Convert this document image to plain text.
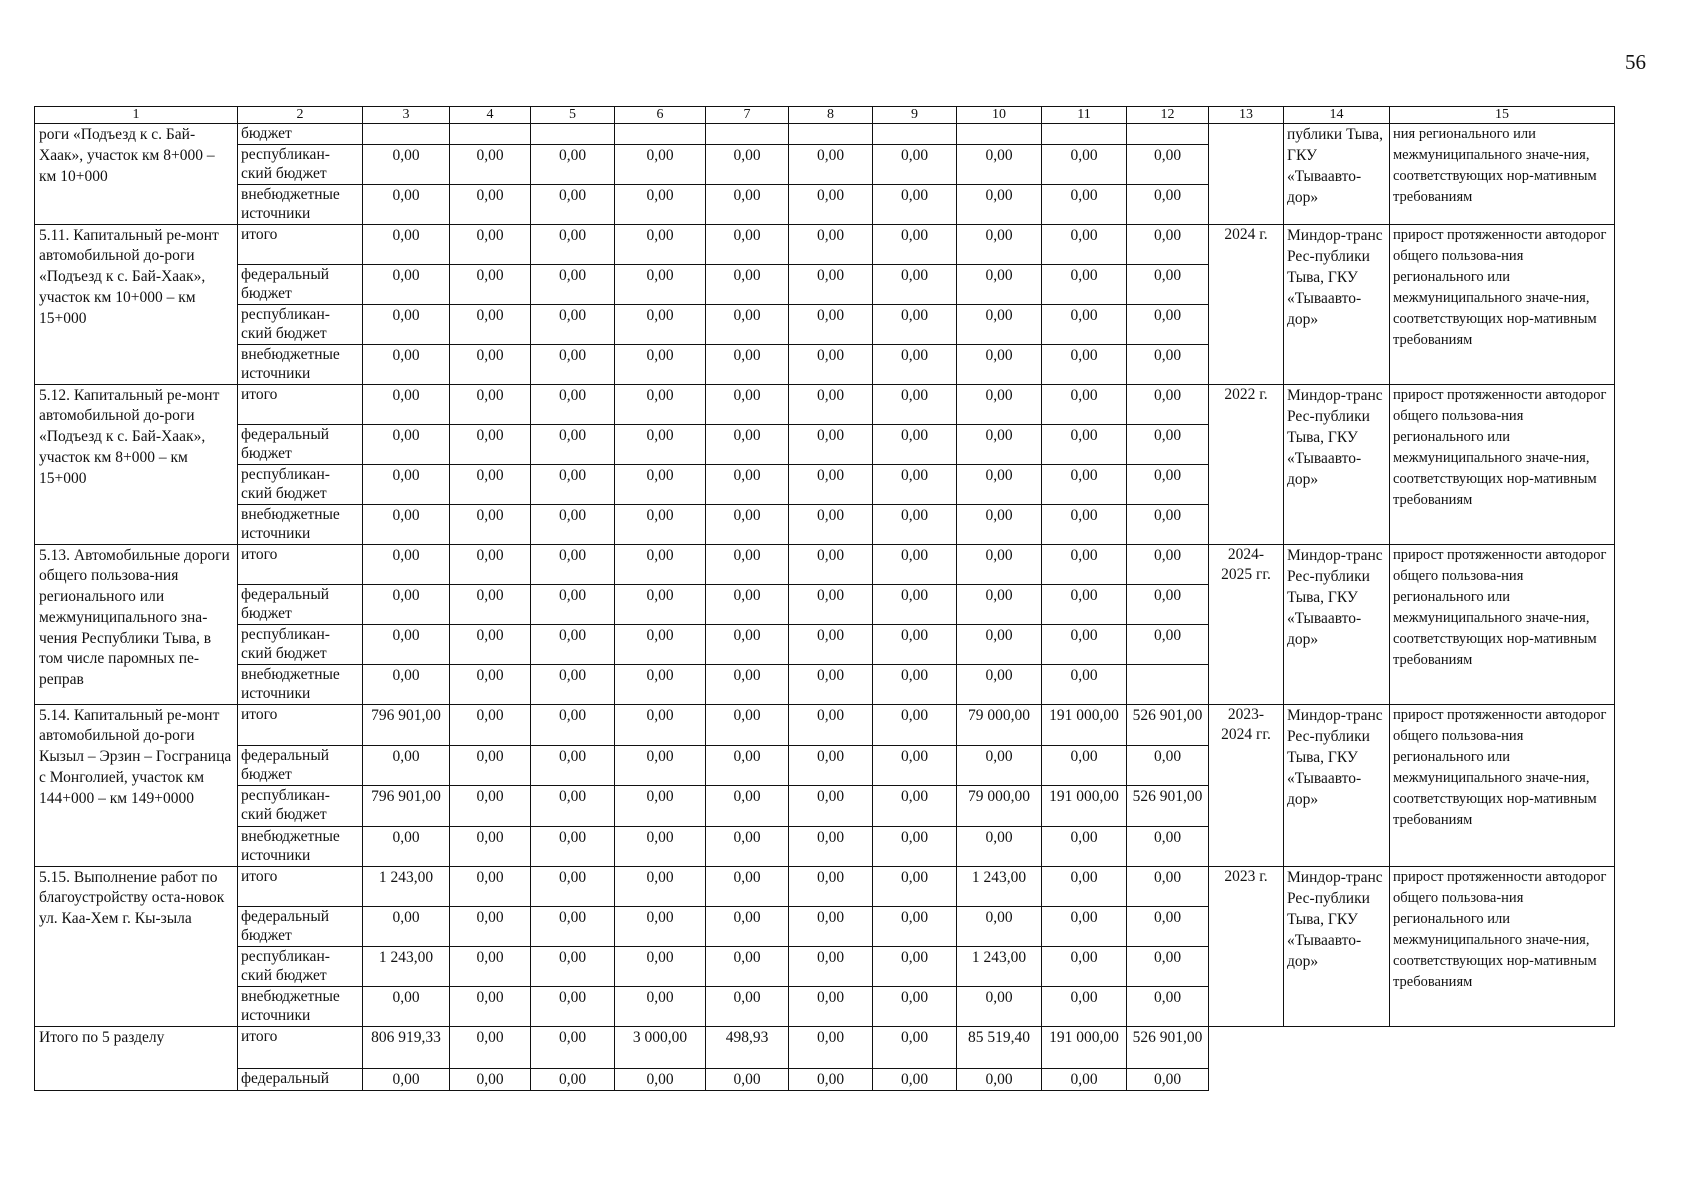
56
1	2	3	4	5	6	7	8	9	10	11	12	13	14	15
роги «Подъезд к с. Бай-Хаак», участок км 8+000 – км 10+000	бюджет												публики Тыва, ГКУ «Тываавто-дор»	ния регионального или межмуниципального значе-ния, соответствующих нор-мативным требованиям
	республикан-ский бюджет	0,00	0,00	0,00	0,00	0,00	0,00	0,00	0,00	0,00	0,00			
	внебюджетные источники	0,00	0,00	0,00	0,00	0,00	0,00	0,00	0,00	0,00	0,00			
5.11. Капитальный ре-монт автомобильной до-роги «Подъезд к с. Бай-Хаак», участок км 10+000 – км 15+000	итого	0,00	0,00	0,00	0,00	0,00	0,00	0,00	0,00	0,00	0,00	2024 г.	Миндор-транс Рес-публики Тыва, ГКУ «Тываавто-дор»	прирост протяженности автодорог общего пользова-ния регионального или межмуниципального значе-ния, соответствующих нор-мативным требованиям
	федеральный бюджет	0,00	0,00	0,00	0,00	0,00	0,00	0,00	0,00	0,00	0,00			
	республикан-ский бюджет	0,00	0,00	0,00	0,00	0,00	0,00	0,00	0,00	0,00	0,00			
	внебюджетные источники	0,00	0,00	0,00	0,00	0,00	0,00	0,00	0,00	0,00	0,00			
5.12. Капитальный ре-монт автомобильной до-роги «Подъезд к с. Бай-Хаак», участок км 8+000 – км 15+000	итого	0,00	0,00	0,00	0,00	0,00	0,00	0,00	0,00	0,00	0,00	2022 г.	Миндор-транс Рес-публики Тыва, ГКУ «Тываавто-дор»	прирост протяженности автодорог общего пользова-ния регионального или межмуниципального значе-ния, соответствующих нор-мативным требованиям
	федеральный бюджет	0,00	0,00	0,00	0,00	0,00	0,00	0,00	0,00	0,00	0,00			
	республикан-ский бюджет	0,00	0,00	0,00	0,00	0,00	0,00	0,00	0,00	0,00	0,00			
	внебюджетные источники	0,00	0,00	0,00	0,00	0,00	0,00	0,00	0,00	0,00	0,00			
5.13. Автомобильные дороги общего пользова-ния регионального или межмуниципального зна-чения Республики Тыва, в том числе паромных пе-реправ	итого	0,00	0,00	0,00	0,00	0,00	0,00	0,00	0,00	0,00	0,00	2024-2025 гг.	Миндор-транс Рес-публики Тыва, ГКУ «Тываавто-дор»	прирост протяженности автодорог общего пользова-ния регионального или межмуниципального значе-ния, соответствующих нор-мативным требованиям
	федеральный бюджет	0,00	0,00	0,00	0,00	0,00	0,00	0,00	0,00	0,00	0,00			
	республикан-ский бюджет	0,00	0,00	0,00	0,00	0,00	0,00	0,00	0,00	0,00	0,00			
	внебюджетные источники	0,00	0,00	0,00	0,00	0,00	0,00	0,00	0,00	0,00				
5.14. Капитальный ре-монт автомобильной до-роги Кызыл – Эрзин – Госграница с Монголией, участок км 144+000 – км 149+0000	итого	796 901,00	0,00	0,00	0,00	0,00	0,00	0,00	79 000,00	191 000,00	526 901,00	2023-2024 гг.	Миндор-транс Рес-публики Тыва, ГКУ «Тываавто-дор»	прирост протяженности автодорог общего пользова-ния регионального или межмуниципального значе-ния, соответствующих нор-мативным требованиям
	федеральный бюджет	0,00	0,00	0,00	0,00	0,00	0,00	0,00	0,00	0,00	0,00			
	республикан-ский бюджет	796 901,00	0,00	0,00	0,00	0,00	0,00	0,00	79 000,00	191 000,00	526 901,00			
	внебюджетные источники	0,00	0,00	0,00	0,00	0,00	0,00	0,00	0,00	0,00	0,00			
5.15. Выполнение работ по благоустройству оста-новок ул. Каа-Хем г. Кы-зыла	итого	1 243,00	0,00	0,00	0,00	0,00	0,00	0,00	1 243,00	0,00	0,00	2023 г.	Миндор-транс Рес-публики Тыва, ГКУ «Тываавто-дор»	прирост протяженности автодорог общего пользова-ния регионального или межмуниципального значе-ния, соответствующих нор-мативным требованиям
	федеральный бюджет	0,00	0,00	0,00	0,00	0,00	0,00	0,00	0,00	0,00	0,00			
	республикан-ский бюджет	1 243,00	0,00	0,00	0,00	0,00	0,00	0,00	1 243,00	0,00	0,00			
	внебюджетные источники	0,00	0,00	0,00	0,00	0,00	0,00	0,00	0,00	0,00	0,00			
Итого по 5 разделу	итого	806 919,33	0,00	0,00	3 000,00	498,93	0,00	0,00	85 519,40	191 000,00	526 901,00			
	федеральный	0,00	0,00	0,00	0,00	0,00	0,00	0,00	0,00	0,00	0,00			
